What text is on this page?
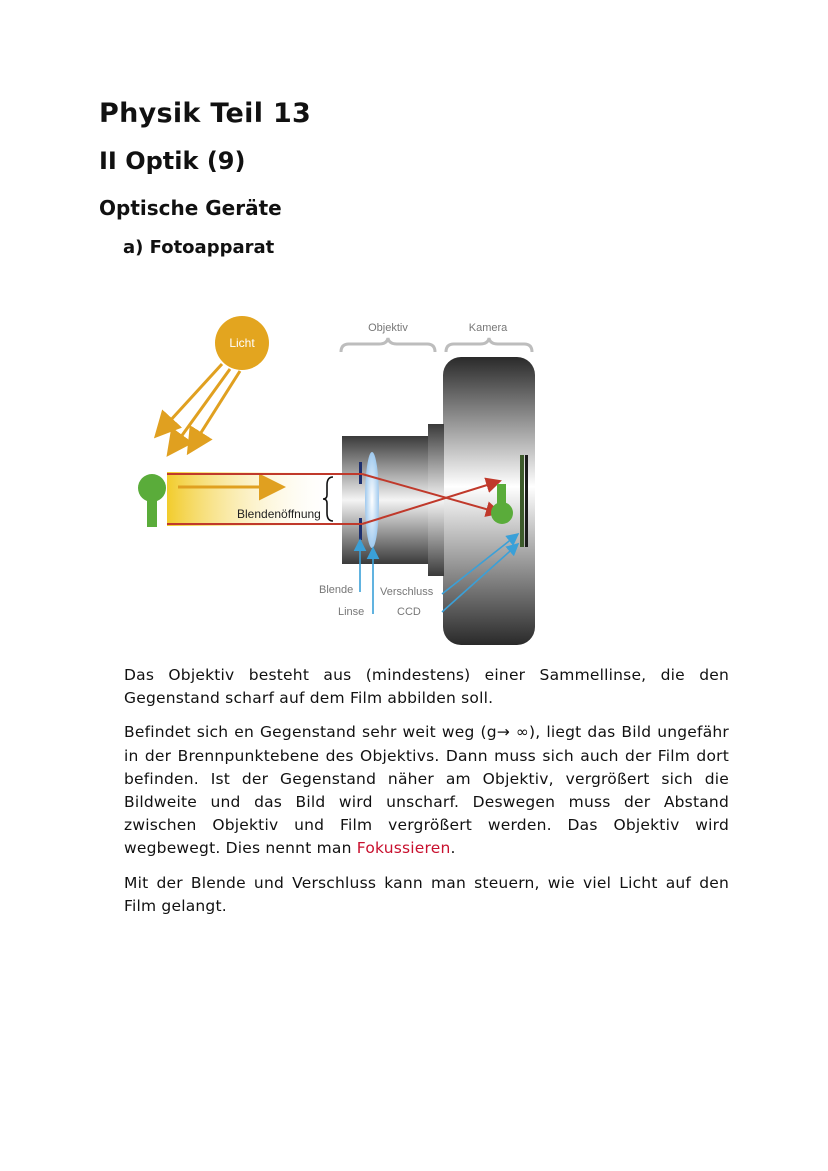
Physik Teil 13
II Optik (9)
Optische Geräte
a) Fotoapparat
Licht
Blendenöffnung
Objektiv	Kamera
Blende Verschluss
Linse	CCD

Das Objektiv besteht aus (mindestens) einer Sammellinse, die den Gegenstand scharf auf dem Film abbilden soll.

Befindet sich en Gegenstand sehr weit weg (g→ ∞), liegt das Bild ungefähr in der Brennpunktebene des Objektivs. Dann muss sich auch der Film dort befinden. Ist der Gegenstand näher am Objektiv, vergrößert sich die Bildweite und das Bild wird unscharf. Deswegen muss der Abstand zwischen Objektiv und Film vergrößert werden. Das Objektiv wird wegbewegt. Dies nennt man Fokussieren.

Mit der Blende und Verschluss kann man steuern, wie viel Licht auf den Film gelangt.
